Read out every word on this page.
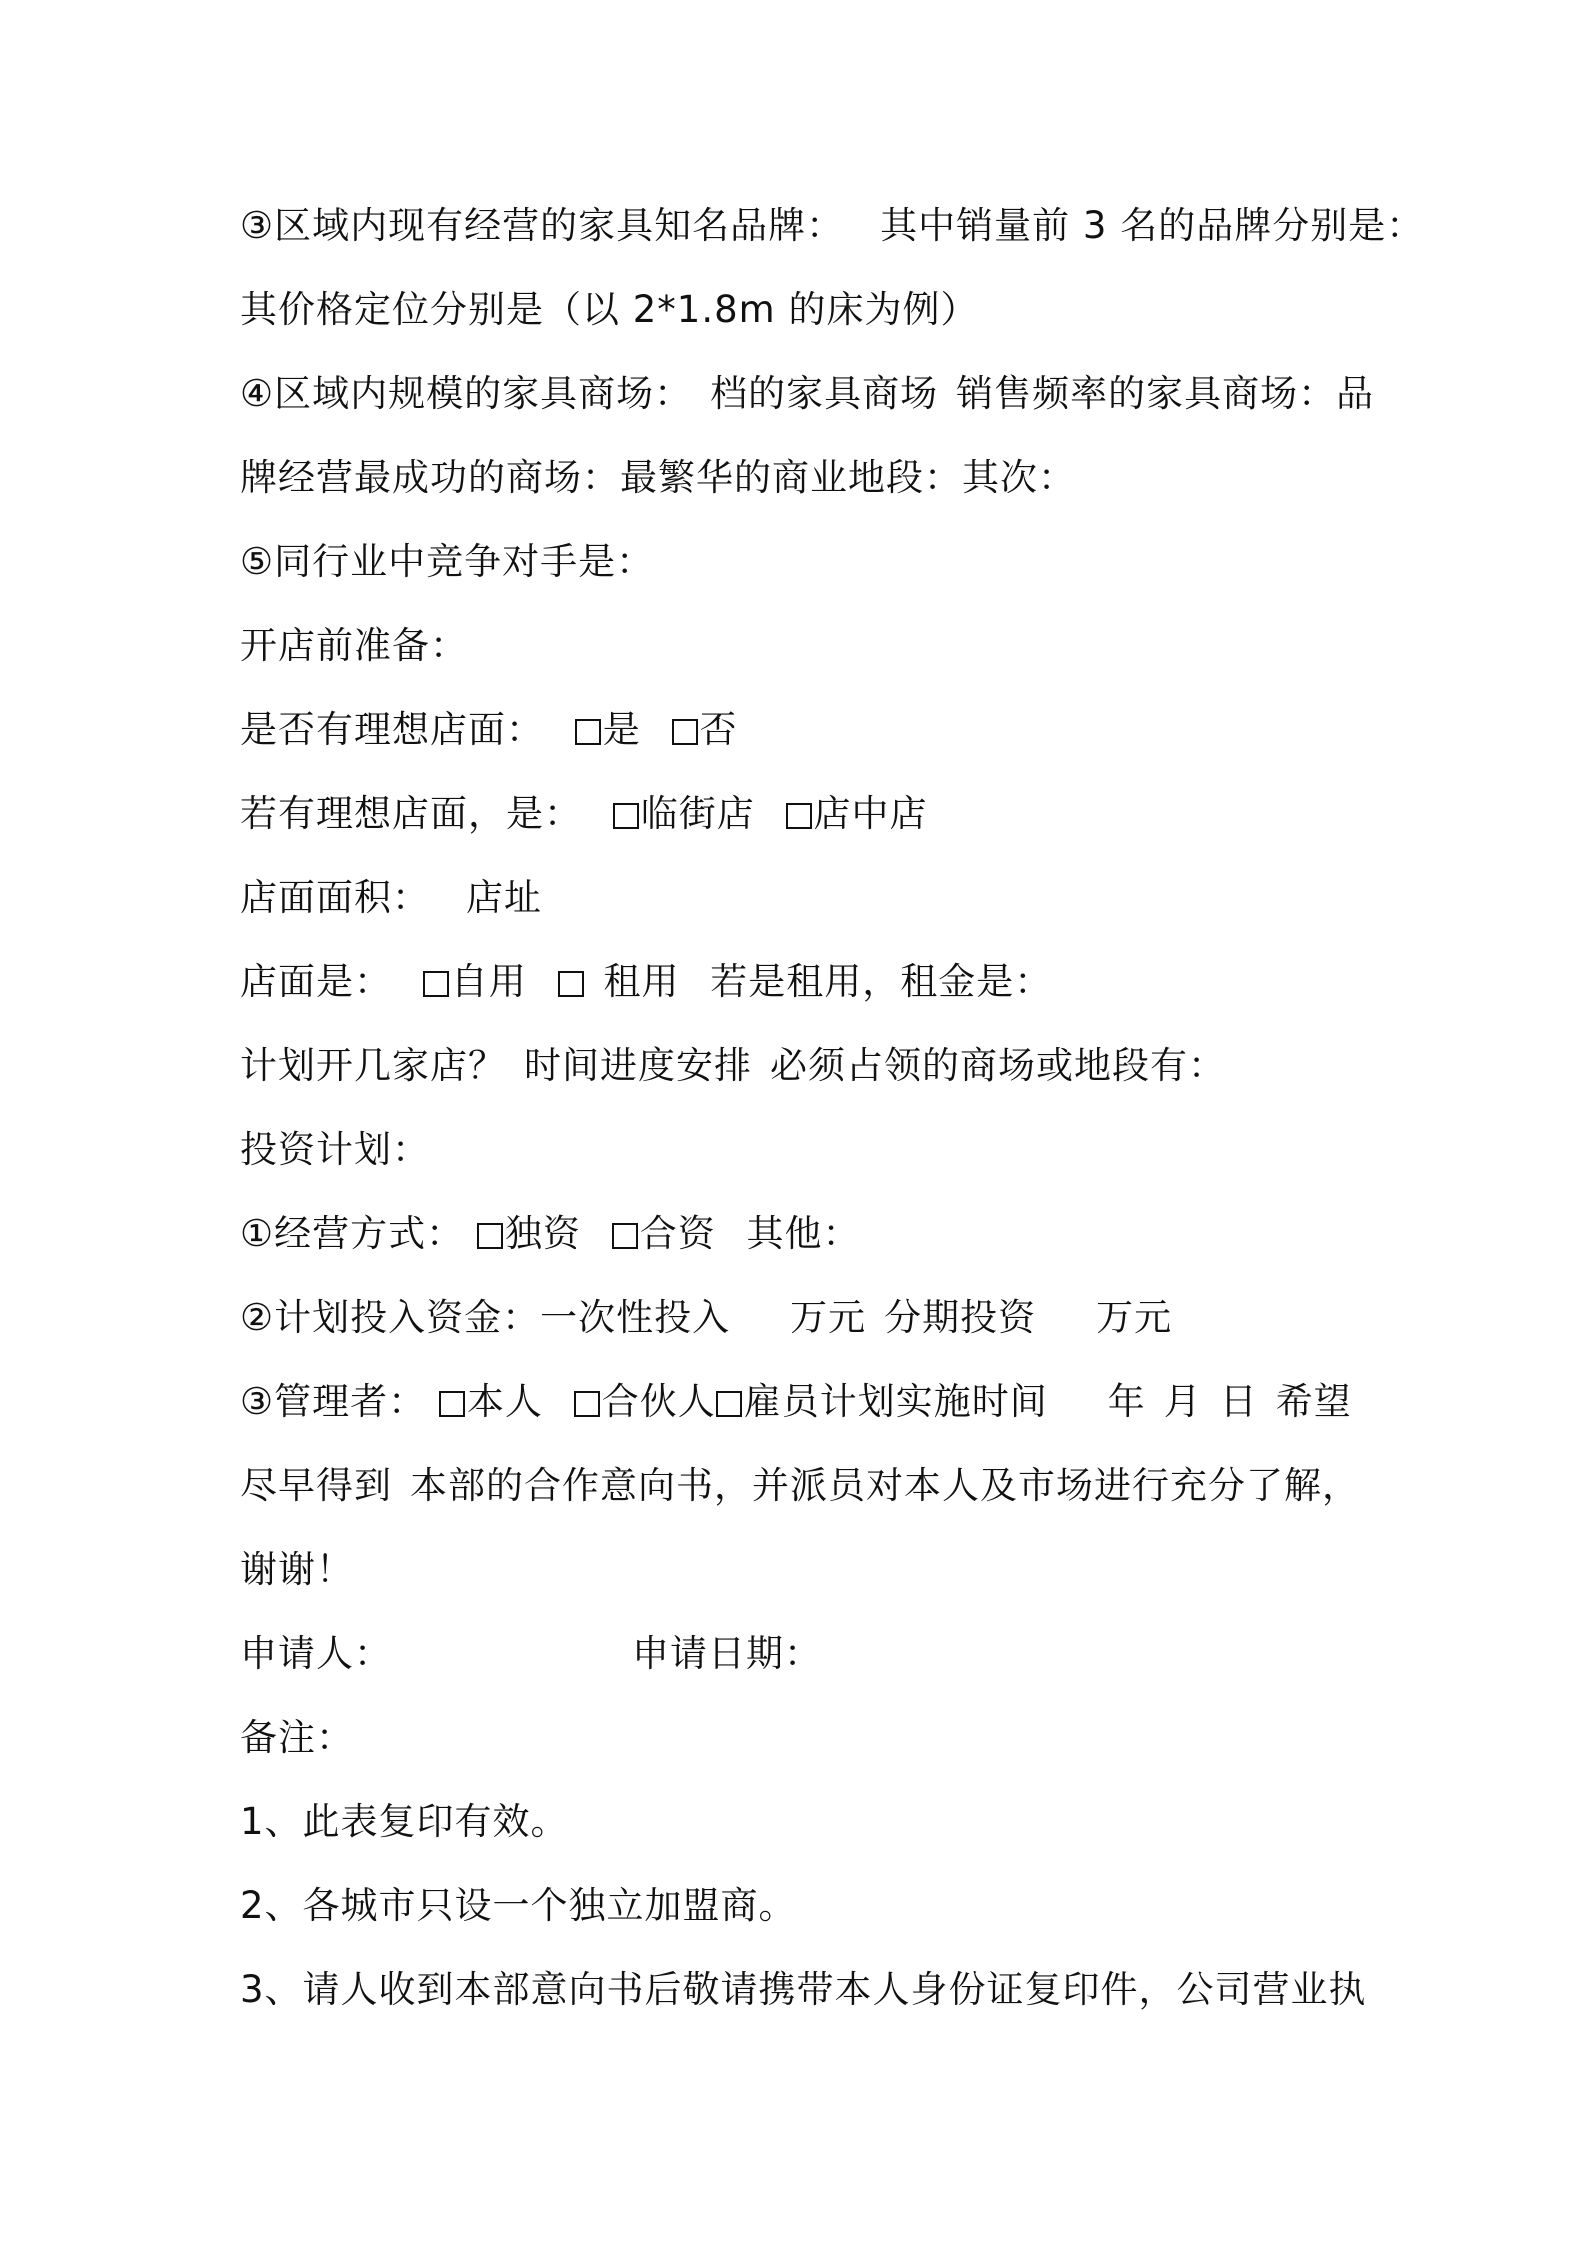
③区域内现有经营的家具知名品牌： 其中销量前 3 名的品牌分别是：
其价格定位分别是（以 2*1.8m 的床为例）
④区域内规模的家具商场： 档的家具商场 销售频率的家具商场：品
牌经营最成功的商场：最繁华的商业地段：其次：
⑤同行业中竞争对手是：
开店前准备：
是否有理想店面： 是 否
若有理想店面，是： 临街店 店中店
店面面积： 店址
店面是： 自用 租用 若是租用，租金是：
计划开几家店？ 时间进度安排 必须占领的商场或地段有：
投资计划：
①经营方式： 独资 合资 其他：
②计划投入资金：一次性投入 万元 分期投资 万元
③管理者： 本人 合伙人 雇员计划实施时间 年 月 日 希望
尽早得到 本部的合作意向书，并派员对本人及市场进行充分了解，
谢谢！
申请人：	申请日期：
备注：
1、此表复印有效。
2、各城市只设一个独立加盟商。
3、请人收到本部意向书后敬请携带本人身份证复印件，公司营业执
